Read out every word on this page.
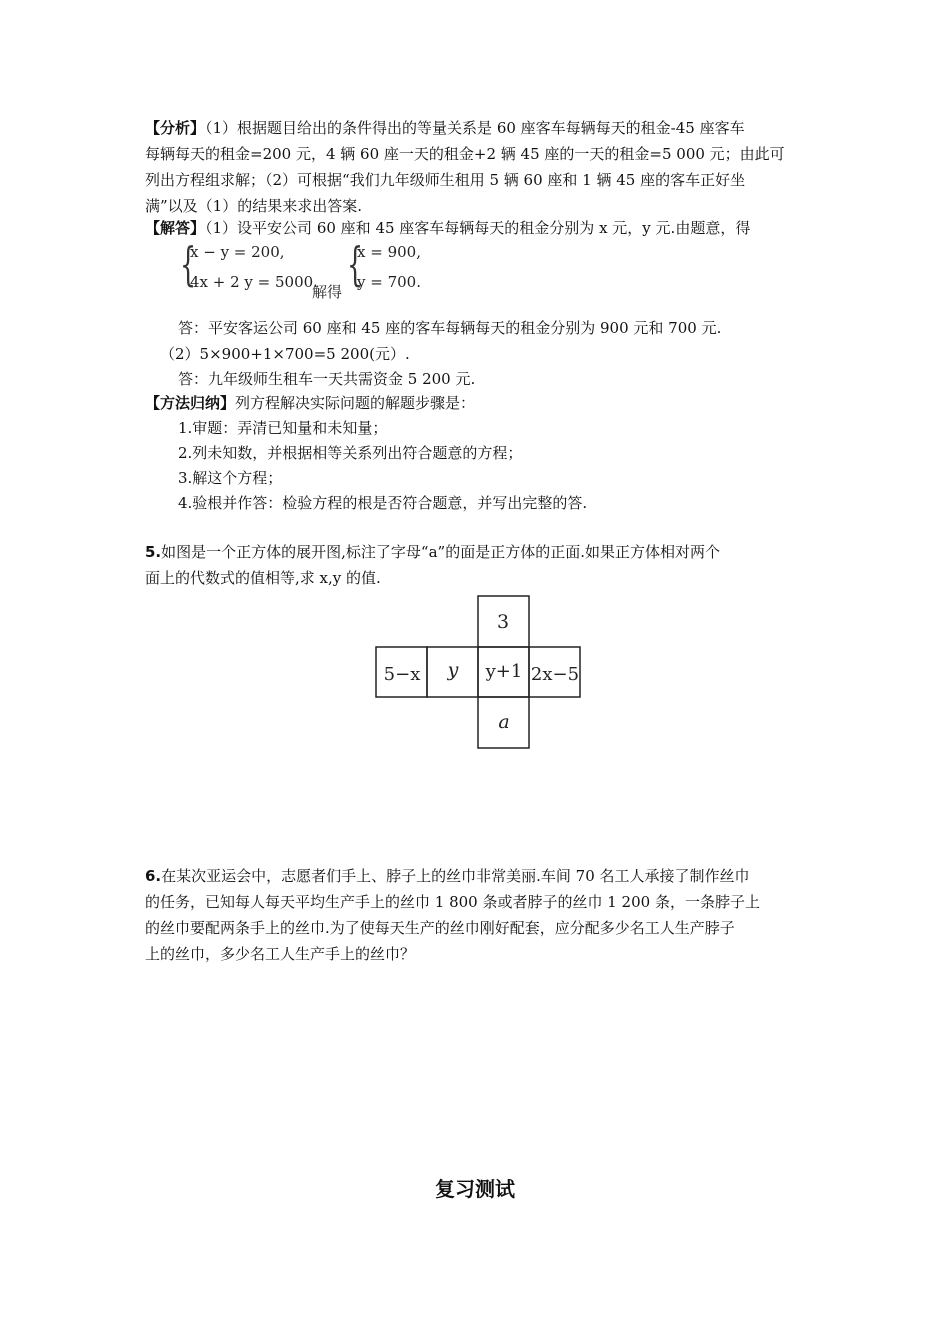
【分析】（1）根据题目给出的条件得出的等量关系是 60 座客车每辆每天的租金-45 座客车

每辆每天的租金=200 元，4 辆 60 座一天的租金+2 辆 45 座的一天的租金=5 000 元；由此可

列出方程组求解；（2）可根据“我们九年级师生租用 5 辆 60 座和 1 辆 45 座的客车正好坐

满”以及（1）的结果来求出答案.

【解答】（1）设平安公司 60 座和 45 座客车每辆每天的租金分别为 x 元，y 元.由题意，得

{
x − y = 200,
4x + 2 y = 5000.
解得
{
x = 900,
y = 700.

答：平安客运公司 60 座和 45 座的客车每辆每天的租金分别为 900 元和 700 元.

（2）5×900+1×700=5 200(元）.

答：九年级师生租车一天共需资金 5 200 元.

【方法归纳】列方程解决实际问题的解题步骤是：

1.审题：弄清已知量和未知量；

2.列未知数，并根据相等关系列出符合题意的方程；

3.解这个方程；

4.验根并作答：检验方程的根是否符合题意，并写出完整的答.

5.如图是一个正方体的展开图,标注了字母“a”的面是正方体的正面.如果正方体相对两个

面上的代数式的值相等,求 x,y 的值.

3
5−x y y+1 2x−5
a

6.在某次亚运会中，志愿者们手上、脖子上的丝巾非常美丽.车间 70 名工人承接了制作丝巾

的任务，已知每人每天平均生产手上的丝巾 1 800 条或者脖子的丝巾 1 200 条，一条脖子上

的丝巾要配两条手上的丝巾.为了使每天生产的丝巾刚好配套，应分配多少名工人生产脖子

上的丝巾，多少名工人生产手上的丝巾？

复习测试
